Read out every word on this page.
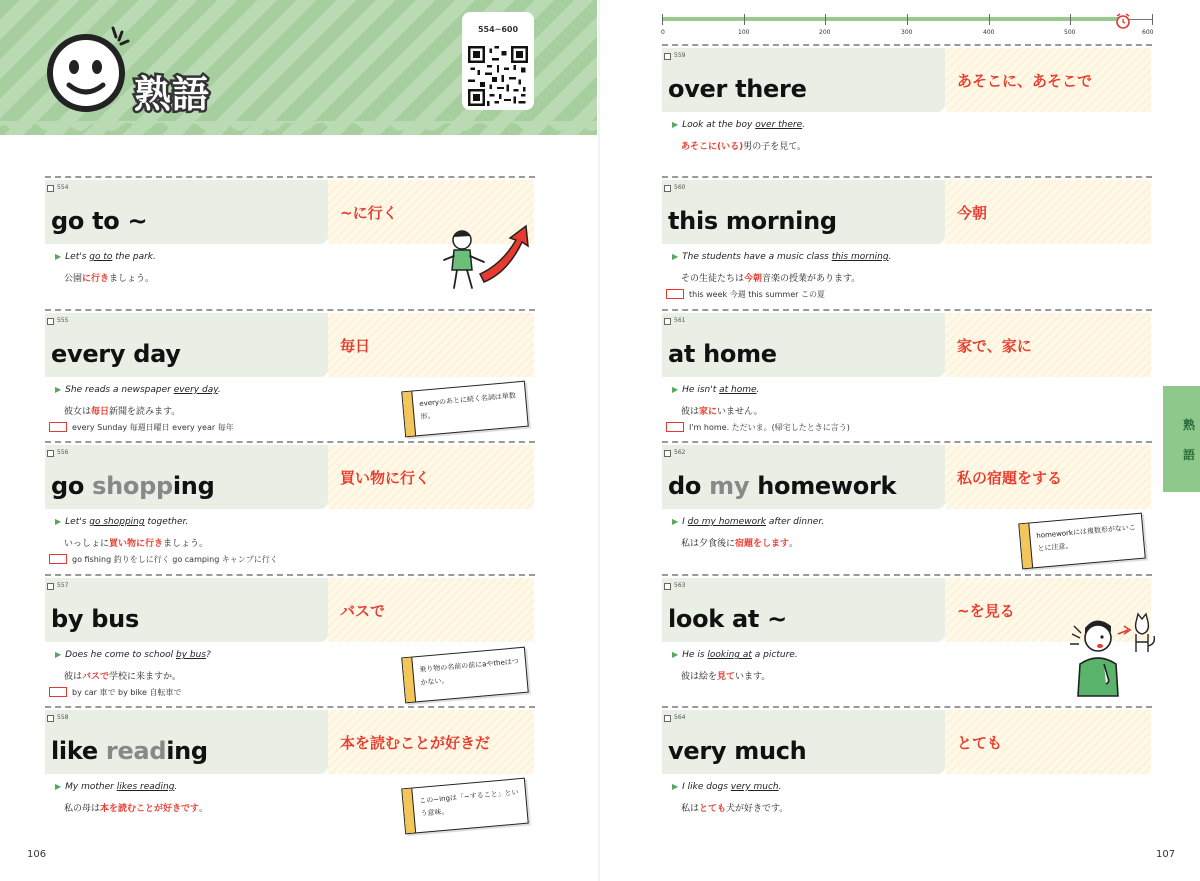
熟語
554~600
554
go to ~	~に行く
▶ Let's go to the park.
公園に行きましょう。
555
every day	毎日
▶ She reads a newspaper every day.
彼女は毎日新聞を読みます。
every Sunday 毎週日曜日 every year 毎年
556
go shopping	買い物に行く
▶ Let's go shopping together.
いっしょに買い物に行きましょう。
go fishing 釣りをしに行く go camping キャンプに行く
557
by bus	バスで
▶ Does he come to school by bus?
彼はバスで学校に来ますか。
by car 車で by bike 自転車で
558
like reading	本を読むことが好きだ
▶ My mother likes reading.
私の母は本を読むことが好きです。
106
everyのあとに続く名詞は単数形。
乗り物の名前の前にaやtheはつかない。
この~ingは「~すること」という意味。
0	100	200	300	400	500	600
559
over there	あそこに、あそこで
▶ Look at the boy over there.
あそこに(いる)男の子を見て。
560
this morning	今朝
▶ The students have a music class this morning.
その生徒たちは今朝音楽の授業があります。
this week 今週 this summer この夏
561
at home	家で、家に
▶ He isn't at home.
彼は家にいません。
I'm home. ただいま。(帰宅したときに言う)
562
do my homework	私の宿題をする
▶ I do my homework after dinner.
私は夕食後に宿題をします。
563
look at ~	~を見る
▶ He is looking at a picture.
彼は絵を見ています。
564
very much	とても
▶ I like dogs very much.
私はとても犬が好きです。
熟
語
107
homeworkには複数形がないことに注意。
